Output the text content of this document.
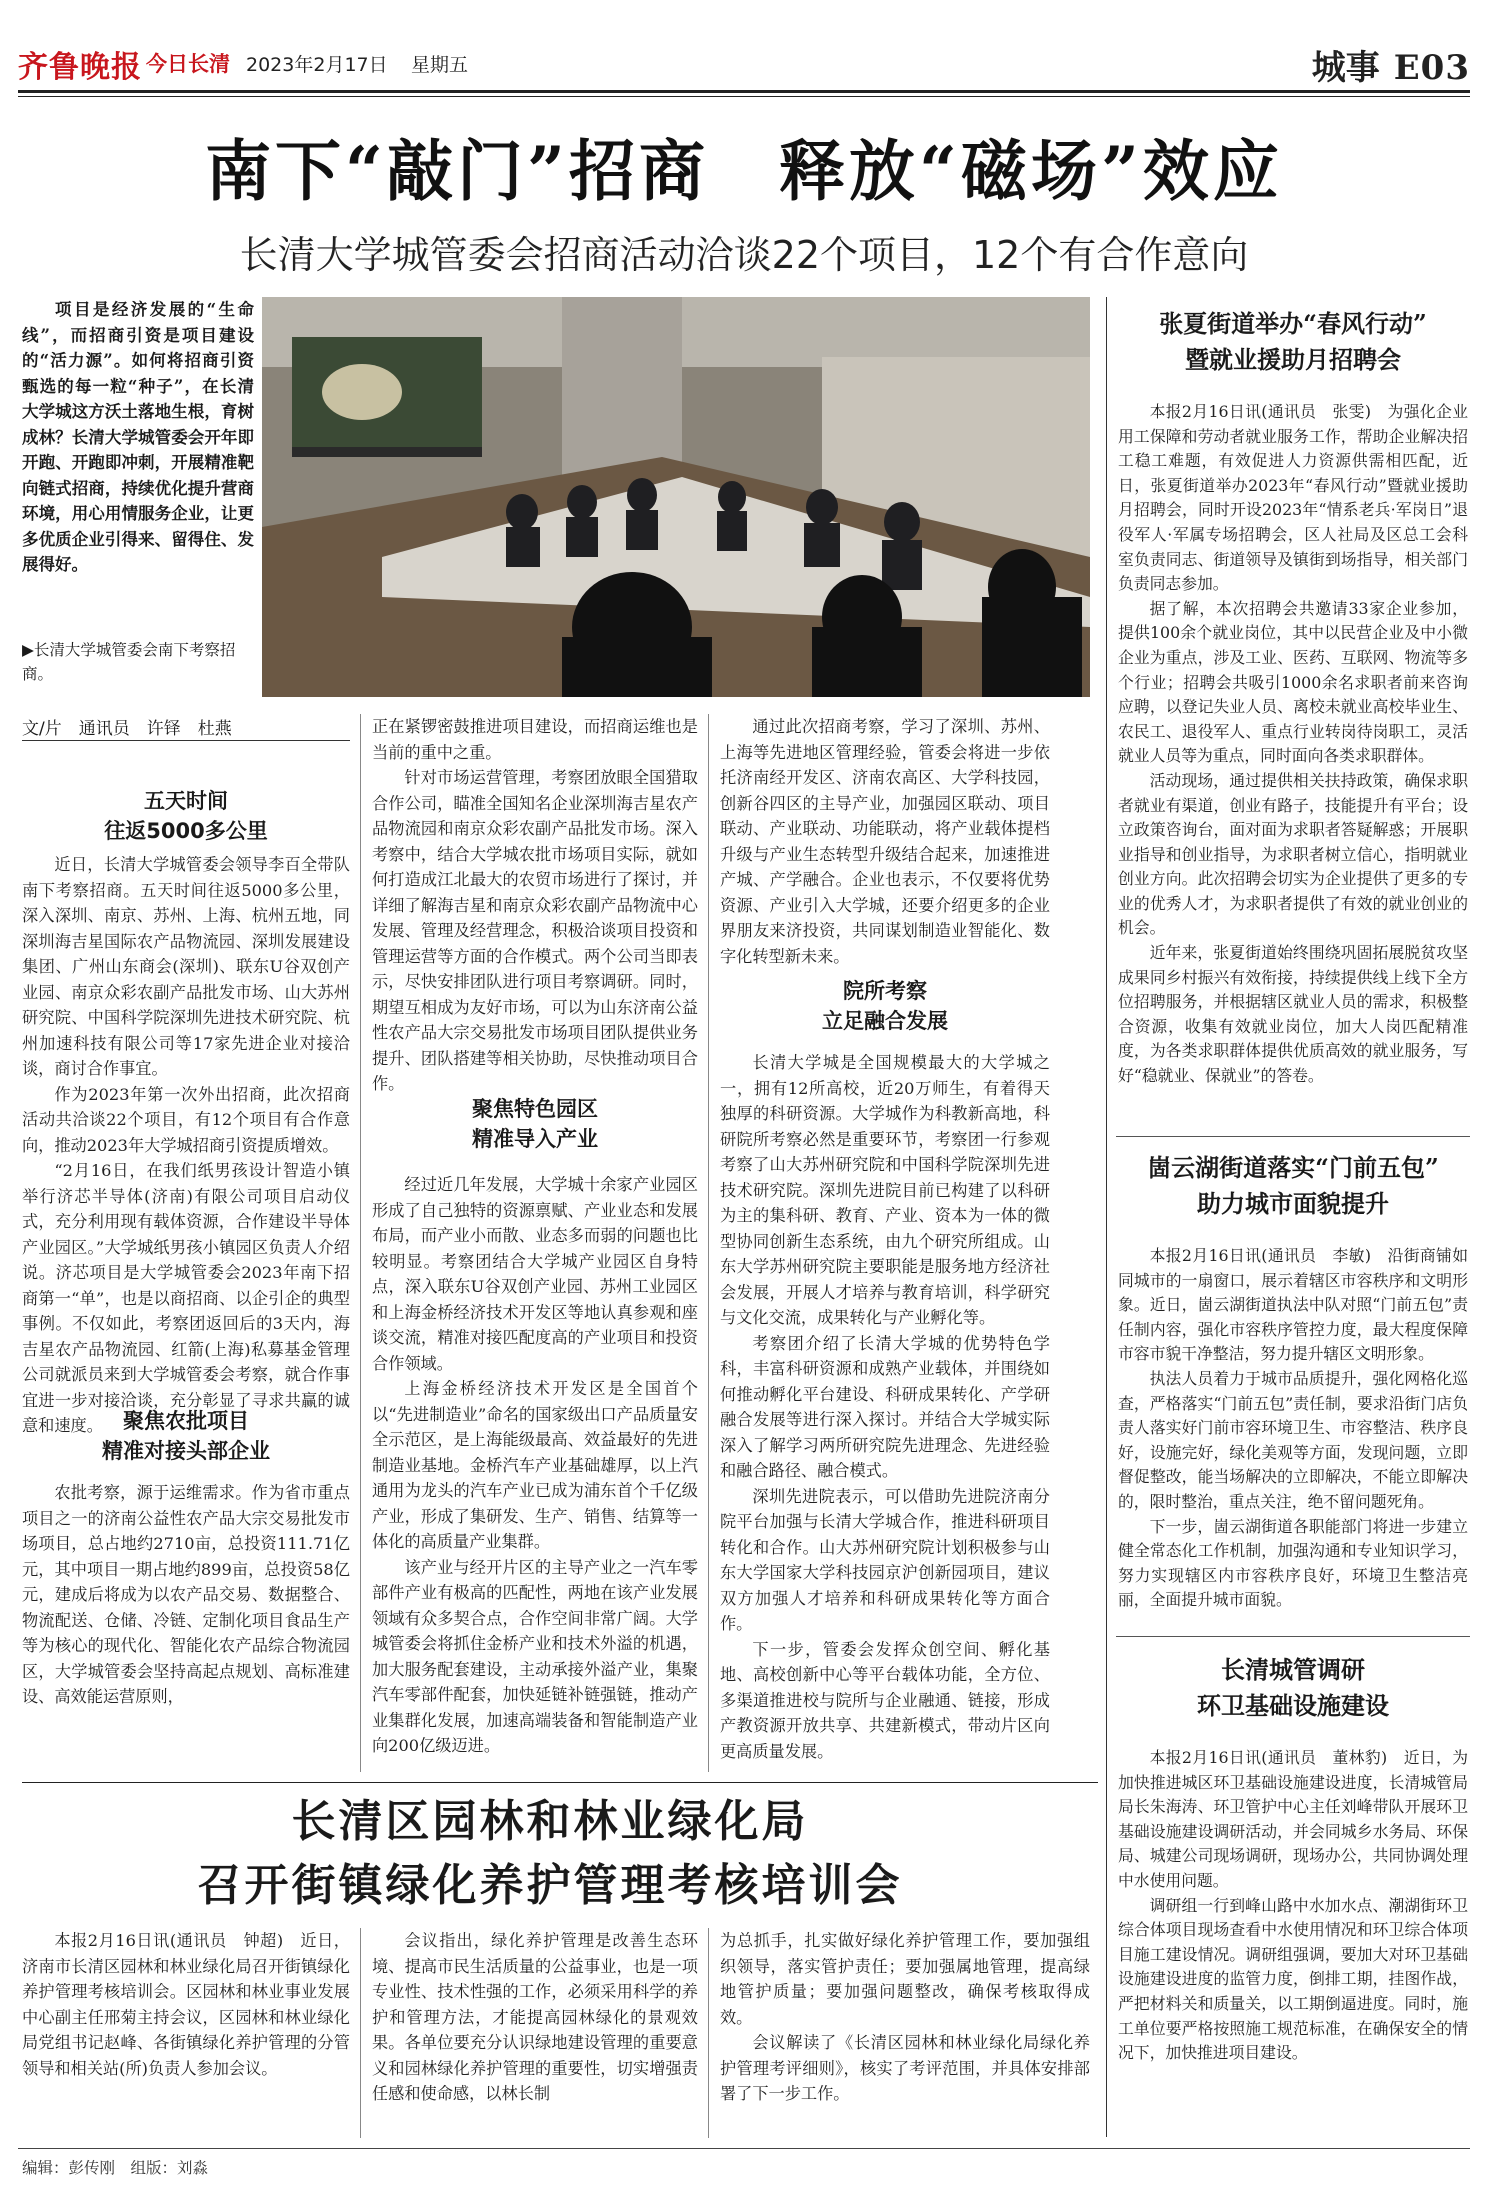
齐鲁晚报 今日长清 2023年2月17日 星期五	城事 E03
南下“敲门”招商　释放“磁场”效应
长清大学城管委会招商活动洽谈22个项目，12个有合作意向
项目是经济发展的“生命线”，而招商引资是项目建设的“活力源”。如何将招商引资甄选的每一粒“种子”，在长清大学城这方沃土落地生根，育树成林？长清大学城管委会开年即开跑、开跑即冲刺，开展精准靶向链式招商，持续优化提升营商环境，用心用情服务企业，让更多优质企业引得来、留得住、发展得好。
▶长清大学城管委会南下考察招商。
文/片　通讯员　许铎　杜燕
五天时间
往返5000多公里

近日，长清大学城管委会领导李百全带队南下考察招商。五天时间往返5000多公里，深入深圳、南京、苏州、上海、杭州五地，同深圳海吉星国际农产品物流园、深圳发展建设集团、广州山东商会(深圳)、联东U谷双创产业园、南京众彩农副产品批发市场、山大苏州研究院、中国科学院深圳先进技术研究院、杭州加速科技有限公司等17家先进企业对接洽谈，商讨合作事宜。

作为2023年第一次外出招商，此次招商活动共洽谈22个项目，有12个项目有合作意向，推动2023年大学城招商引资提质增效。

“2月16日，在我们纸男孩设计智造小镇举行济芯半导体(济南)有限公司项目启动仪式，充分利用现有载体资源，合作建设半导体产业园区。”大学城纸男孩小镇园区负责人介绍说。济芯项目是大学城管委会2023年南下招商第一“单”，也是以商招商、以企引企的典型事例。不仅如此，考察团返回后的3天内，海吉星农产品物流园、红箭(上海)私募基金管理公司就派员来到大学城管委会考察，就合作事宜进一步对接洽谈，充分彰显了寻求共赢的诚意和速度。 聚焦农批项目
精准对接头部企业

农批考察，源于运维需求。作为省市重点项目之一的济南公益性农产品大宗交易批发市场项目，总占地约2710亩，总投资111.71亿元，其中项目一期占地约899亩，总投资58亿元，建成后将成为以农产品交易、数据整合、物流配送、仓储、冷链、定制化项目食品生产等为核心的现代化、智能化农产品综合物流园区，大学城管委会坚持高起点规划、高标准建设、高效能运营原则，

正在紧锣密鼓推进项目建设，而招商运维也是当前的重中之重。

针对市场运营管理，考察团放眼全国猎取合作公司，瞄准全国知名企业深圳海吉星农产品物流园和南京众彩农副产品批发市场。深入考察中，结合大学城农批市场项目实际，就如何打造成江北最大的农贸市场进行了探讨，并详细了解海吉星和南京众彩农副产品物流中心发展、管理及经营理念，积极洽谈项目投资和管理运营等方面的合作模式。两个公司当即表示，尽快安排团队进行项目考察调研。同时，期望互相成为友好市场，可以为山东济南公益性农产品大宗交易批发市场项目团队提供业务提升、团队搭建等相关协助，尽快推动项目合作。

聚焦特色园区
精准导入产业

经过近几年发展，大学城十余家产业园区形成了自己独特的资源禀赋、产业业态和发展布局，而产业小而散、业态多而弱的问题也比较明显。考察团结合大学城产业园区自身特点，深入联东U谷双创产业园、苏州工业园区和上海金桥经济技术开发区等地认真参观和座谈交流，精准对接匹配度高的产业项目和投资合作领域。

上海金桥经济技术开发区是全国首个以“先进制造业”命名的国家级出口产品质量安全示范区，是上海能级最高、效益最好的先进制造业基地。金桥汽车产业基础雄厚，以上汽通用为龙头的汽车产业已成为浦东首个千亿级产业，形成了集研发、生产、销售、结算等一体化的高质量产业集群。

该产业与经开片区的主导产业之一汽车零部件产业有极高的匹配性，两地在该产业发展领域有众多契合点，合作空间非常广阔。大学城管委会将抓住金桥产业和技术外溢的机遇，加大服务配套建设，主动承接外溢产业，集聚汽车零部件配套，加快延链补链强链，推动产业集群化发展，加速高端装备和智能制造产业向200亿级迈进。

通过此次招商考察，学习了深圳、苏州、上海等先进地区管理经验，管委会将进一步依托济南经开发区、济南农高区、大学科技园，创新谷四区的主导产业，加强园区联动、项目联动、产业联动、功能联动，将产业载体提档升级与产业生态转型升级结合起来，加速推进产城、产学融合。企业也表示，不仅要将优势资源、产业引入大学城，还要介绍更多的企业界朋友来济投资，共同谋划制造业智能化、数字化转型新未来。

院所考察
立足融合发展

长清大学城是全国规模最大的大学城之一，拥有12所高校，近20万师生，有着得天独厚的科研资源。大学城作为科教新高地，科研院所考察必然是重要环节，考察团一行参观考察了山大苏州研究院和中国科学院深圳先进技术研究院。深圳先进院目前已构建了以科研为主的集科研、教育、产业、资本为一体的微型协同创新生态系统，由九个研究所组成。山东大学苏州研究院主要职能是服务地方经济社会发展，开展人才培养与教育培训，科学研究与文化交流，成果转化与产业孵化等。

考察团介绍了长清大学城的优势特色学科，丰富科研资源和成熟产业载体，并围绕如何推动孵化平台建设、科研成果转化、产学研融合发展等进行深入探讨。并结合大学城实际深入了解学习两所研究院先进理念、先进经验和融合路径、融合模式。

深圳先进院表示，可以借助先进院济南分院平台加强与长清大学城合作，推进科研项目转化和合作。山大苏州研究院计划积极参与山东大学国家大学科技园京沪创新园项目，建议双方加强人才培养和科研成果转化等方面合作。

下一步，管委会发挥众创空间、孵化基地、高校创新中心等平台载体功能，全方位、多渠道推进校与院所与企业融通、链接，形成产教资源开放共享、共建新模式，带动片区向更高质量发展。

张夏街道举办“春风行动”
暨就业援助月招聘会

本报2月16日讯(通讯员　张雯)　为强化企业用工保障和劳动者就业服务工作，帮助企业解决招工稳工难题，有效促进人力资源供需相匹配，近日，张夏街道举办2023年“春风行动”暨就业援助月招聘会，同时开设2023年“情系老兵·军岗日”退役军人·军属专场招聘会，区人社局及区总工会科室负责同志、街道领导及镇街到场指导，相关部门负责同志参加。

据了解，本次招聘会共邀请33家企业参加，提供100余个就业岗位，其中以民营企业及中小微企业为重点，涉及工业、医药、互联网、物流等多个行业；招聘会共吸引1000余名求职者前来咨询应聘，以登记失业人员、离校未就业高校毕业生、农民工、退役军人、重点行业转岗待岗职工，灵活就业人员等为重点，同时面向各类求职群体。

活动现场，通过提供相关扶持政策，确保求职者就业有渠道，创业有路子，技能提升有平台；设立政策咨询台，面对面为求职者答疑解惑；开展职业指导和创业指导，为求职者树立信心，指明就业创业方向。此次招聘会切实为企业提供了更多的专业的优秀人才，为求职者提供了有效的就业创业的机会。

近年来，张夏街道始终围绕巩固拓展脱贫攻坚成果同乡村振兴有效衔接，持续提供线上线下全方位招聘服务，并根据辖区就业人员的需求，积极整合资源，收集有效就业岗位，加大人岗匹配精准度，为各类求职群体提供优质高效的就业服务，写好“稳就业、保就业”的答卷。

崮云湖街道落实“门前五包”
助力城市面貌提升

本报2月16日讯(通讯员　李敏)　沿街商铺如同城市的一扇窗口，展示着辖区市容秩序和文明形象。近日，崮云湖街道执法中队对照“门前五包”责任制内容，强化市容秩序管控力度，最大程度保障市容市貌干净整洁，努力提升辖区文明形象。

执法人员着力于城市品质提升，强化网格化巡查，严格落实“门前五包”责任制，要求沿街门店负责人落实好门前市容环境卫生、市容整洁、秩序良好，设施完好，绿化美观等方面，发现问题，立即督促整改，能当场解决的立即解决，不能立即解决的，限时整治，重点关注，绝不留问题死角。

下一步，崮云湖街道各职能部门将进一步建立健全常态化工作机制，加强沟通和专业知识学习，努力实现辖区内市容秩序良好，环境卫生整洁亮丽，全面提升城市面貌。

长清城管调研
环卫基础设施建设

本报2月16日讯(通讯员　董林豹)　近日，为加快推进城区环卫基础设施建设进度，长清城管局局长朱海涛、环卫管护中心主任刘峰带队开展环卫基础设施建设调研活动，并会同城乡水务局、环保局、城建公司现场调研，现场办公，共同协调处理中水使用问题。

调研组一行到峰山路中水加水点、潮湖街环卫综合体项目现场查看中水使用情况和环卫综合体项目施工建设情况。调研组强调，要加大对环卫基础设施建设进度的监管力度，倒排工期，挂图作战，严把材料关和质量关，以工期倒逼进度。同时，施工单位要严格按照施工规范标准，在确保安全的情况下，加快推进项目建设。

长清区园林和林业绿化局
召开街镇绿化养护管理考核培训会

本报2月16日讯(通讯员　钟超)　近日，济南市长清区园林和林业绿化局召开街镇绿化养护管理考核培训会。区园林和林业事业发展中心副主任邢菊主持会议，区园林和林业绿化局党组书记赵峰、各街镇绿化养护管理的分管领导和相关站(所)负责人参加会议。

会议指出，绿化养护管理是改善生态环境、提高市民生活质量的公益事业，也是一项专业性、技术性强的工作，必须采用科学的养护和管理方法，才能提高园林绿化的景观效果。各单位要充分认识绿地建设管理的重要意义和园林绿化养护管理的重要性，切实增强责任感和使命感，以林长制

为总抓手，扎实做好绿化养护管理工作，要加强组织领导，落实管护责任；要加强属地管理，提高绿地管护质量；要加强问题整改，确保考核取得成效。

会议解读了《长清区园林和林业绿化局绿化养护管理考评细则》，核实了考评范围，并具体安排部署了下一步工作。

编辑：彭传刚　组版：刘淼
